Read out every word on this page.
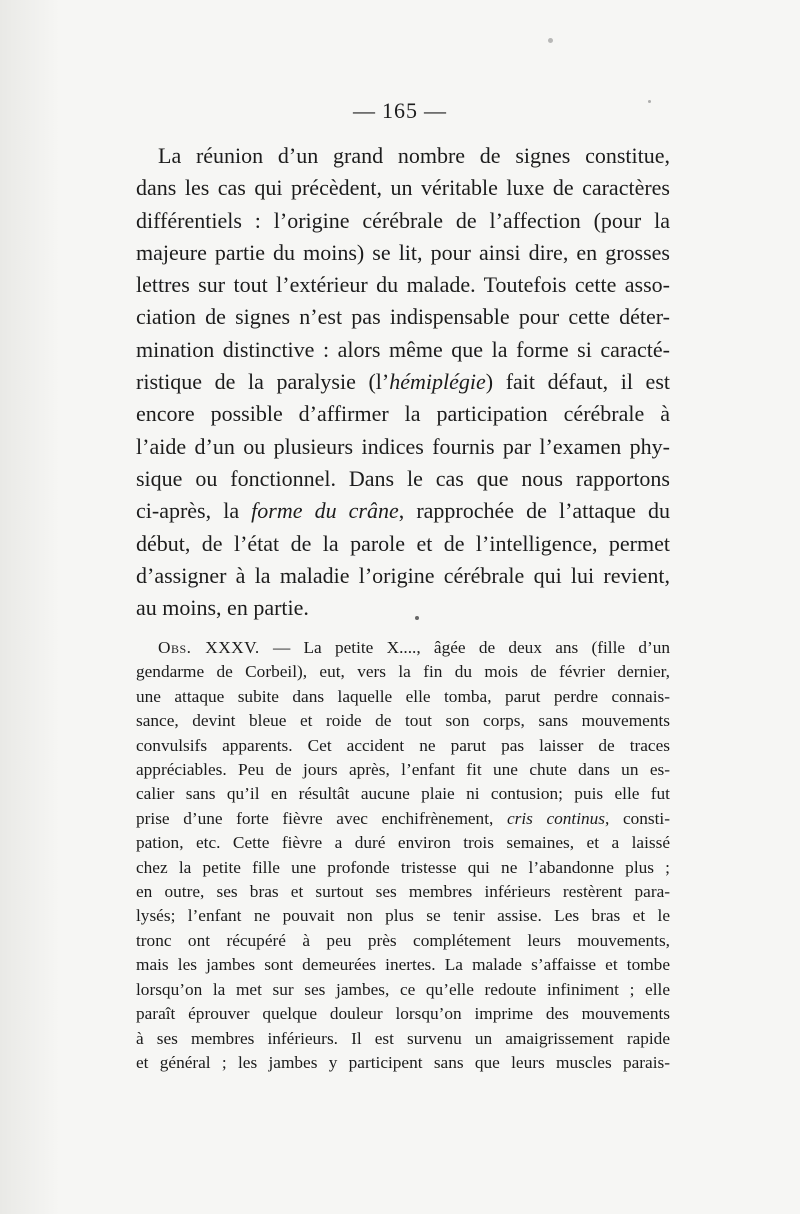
— 165 —
La réunion d’un grand nombre de signes constitue,
dans les cas qui précèdent, un véritable luxe de caractères
différentiels : l’origine cérébrale de l’affection (pour la
majeure partie du moins) se lit, pour ainsi dire, en grosses
lettres sur tout l’extérieur du malade. Toutefois cette asso-
ciation de signes n’est pas indispensable pour cette déter-
mination distinctive : alors même que la forme si caracté-
ristique de la paralysie (l’hémiplégie) fait défaut, il est
encore possible d’affirmer la participation cérébrale à
l’aide d’un ou plusieurs indices fournis par l’examen phy-
sique ou fonctionnel. Dans le cas que nous rapportons
ci-après, la forme du crâne, rapprochée de l’attaque du
début, de l’état de la parole et de l’intelligence, permet
d’assigner à la maladie l’origine cérébrale qui lui revient,
au moins, en partie.
Obs. XXXV. — La petite X...., âgée de deux ans (fille d’un
gendarme de Corbeil), eut, vers la fin du mois de février dernier,
une attaque subite dans laquelle elle tomba, parut perdre connais-
sance, devint bleue et roide de tout son corps, sans mouvements
convulsifs apparents. Cet accident ne parut pas laisser de traces
appréciables. Peu de jours après, l’enfant fit une chute dans un es-
calier sans qu’il en résultât aucune plaie ni contusion; puis elle fut
prise d’une forte fièvre avec enchifrènement, cris continus, consti-
pation, etc. Cette fièvre a duré environ trois semaines, et a laissé
chez la petite fille une profonde tristesse qui ne l’abandonne plus ;
en outre, ses bras et surtout ses membres inférieurs restèrent para-
lysés; l’enfant ne pouvait non plus se tenir assise. Les bras et le
tronc ont récupéré à peu près complétement leurs mouvements,
mais les jambes sont demeurées inertes. La malade s’affaisse et tombe
lorsqu’on la met sur ses jambes, ce qu’elle redoute infiniment ; elle
paraît éprouver quelque douleur lorsqu’on imprime des mouvements
à ses membres inférieurs. Il est survenu un amaigrissement rapide
et général ; les jambes y participent sans que leurs muscles parais-
